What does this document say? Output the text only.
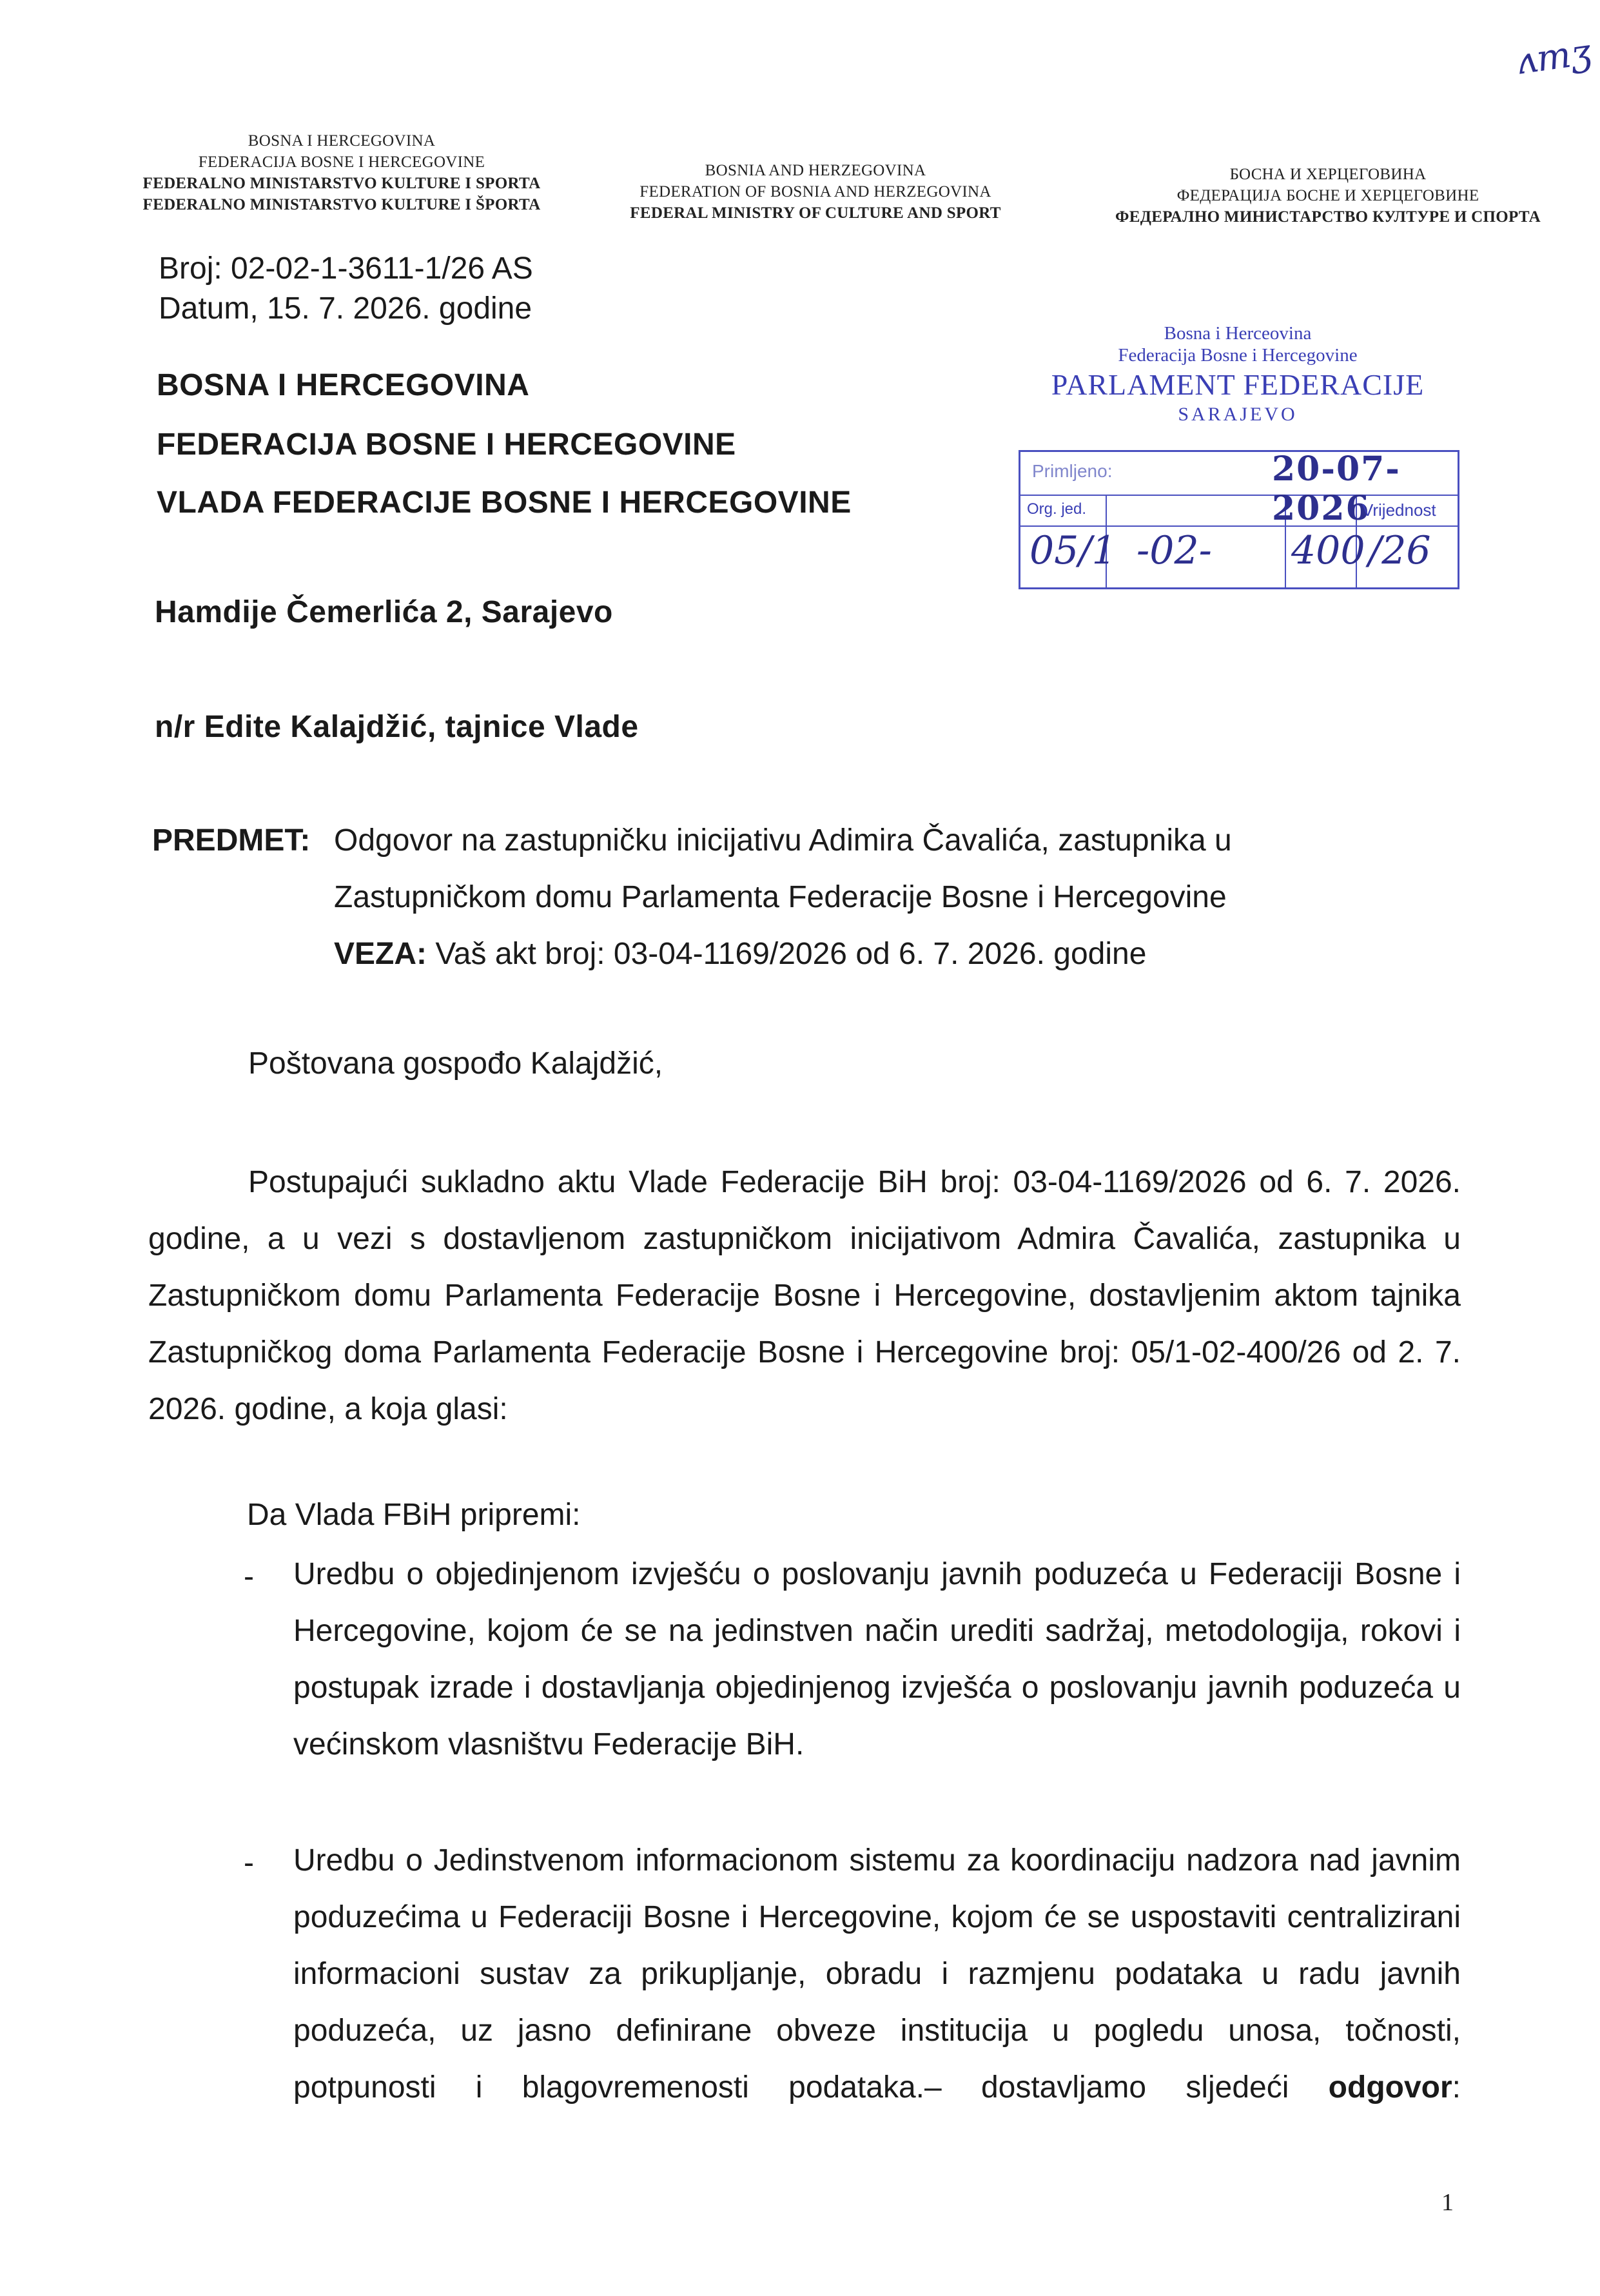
ʌmʒ
BOSNA I HERCEGOVINA
FEDERACIJA BOSNE I HERCEGOVINE
FEDERALNO MINISTARSTVO KULTURE I SPORTA
FEDERALNO MINISTARSTVO KULTURE I ŠPORTA
BOSNIA AND HERZEGOVINA
FEDERATION OF BOSNIA AND HERZEGOVINA
FEDERAL MINISTRY OF CULTURE AND SPORT
БОСНА И ХЕРЦЕГОВИНА
ФЕДЕРАЦИЈА БОСНЕ И ХЕРЦЕГОВИНЕ
ФЕДЕРАЛНО МИНИСТАРСТВО КУЛТУРЕ И СПОРТА
Broj: 02-02-1-3611-1/26 AS
Datum, 15. 7. 2026. godine
BOSNA I HERCEGOVINA
FEDERACIJA BOSNE I HERCEGOVINE
VLADA FEDERACIJE BOSNE I HERCEGOVINE
Hamdije Čemerlića 2, Sarajevo
n/r Edite Kalajdžić, tajnice Vlade
Bosna i Herceovina
Federacija Bosne i Hercegovine
PARLAMENT FEDERACIJE
SARAJEVO
Primljeno:	20-07-2026
Org. jed.	Vrijednost
05/1 -02- 400 /26
PREDMET: Odgovor na zastupničku inicijativu Adimira Čavalića, zastupnika u
Zastupničkom domu Parlamenta Federacije Bosne i Hercegovine
VEZA: Vaš akt broj: 03-04-1169/2026 od 6. 7. 2026. godine
Poštovana gospođo Kalajdžić,
Postupajući sukladno aktu Vlade Federacije BiH broj: 03-04-1169/2026 od 6. 7. 2026. godine, a u vezi s dostavljenom zastupničkom inicijativom Admira Čavalića, zastupnika u Zastupničkom domu Parlamenta Federacije Bosne i Hercegovine, dostavljenim aktom tajnika Zastupničkog doma Parlamenta Federacije Bosne i Hercegovine broj: 05/1-02-400/26 od 2. 7. 2026. godine, a koja glasi:
Da Vlada FBiH pripremi:
- Uredbu o objedinjenom izvješću o poslovanju javnih poduzeća u Federaciji Bosne i Hercegovine, kojom će se na jedinstven način urediti sadržaj, metodologija, rokovi i postupak izrade i dostavljanja objedinjenog izvješća o poslovanju javnih poduzeća u većinskom vlasništvu Federacije BiH.
- Uredbu o Jedinstvenom informacionom sistemu za koordinaciju nadzora nad javnim poduzećima u Federaciji Bosne i Hercegovine, kojom će se uspostaviti centralizirani informacioni sustav za prikupljanje, obradu i razmjenu podataka u radu javnih poduzeća, uz jasno definirane obveze institucija u pogledu unosa, točnosti, potpunosti i blagovremenosti podataka.– dostavljamo sljedeći odgovor:
1
